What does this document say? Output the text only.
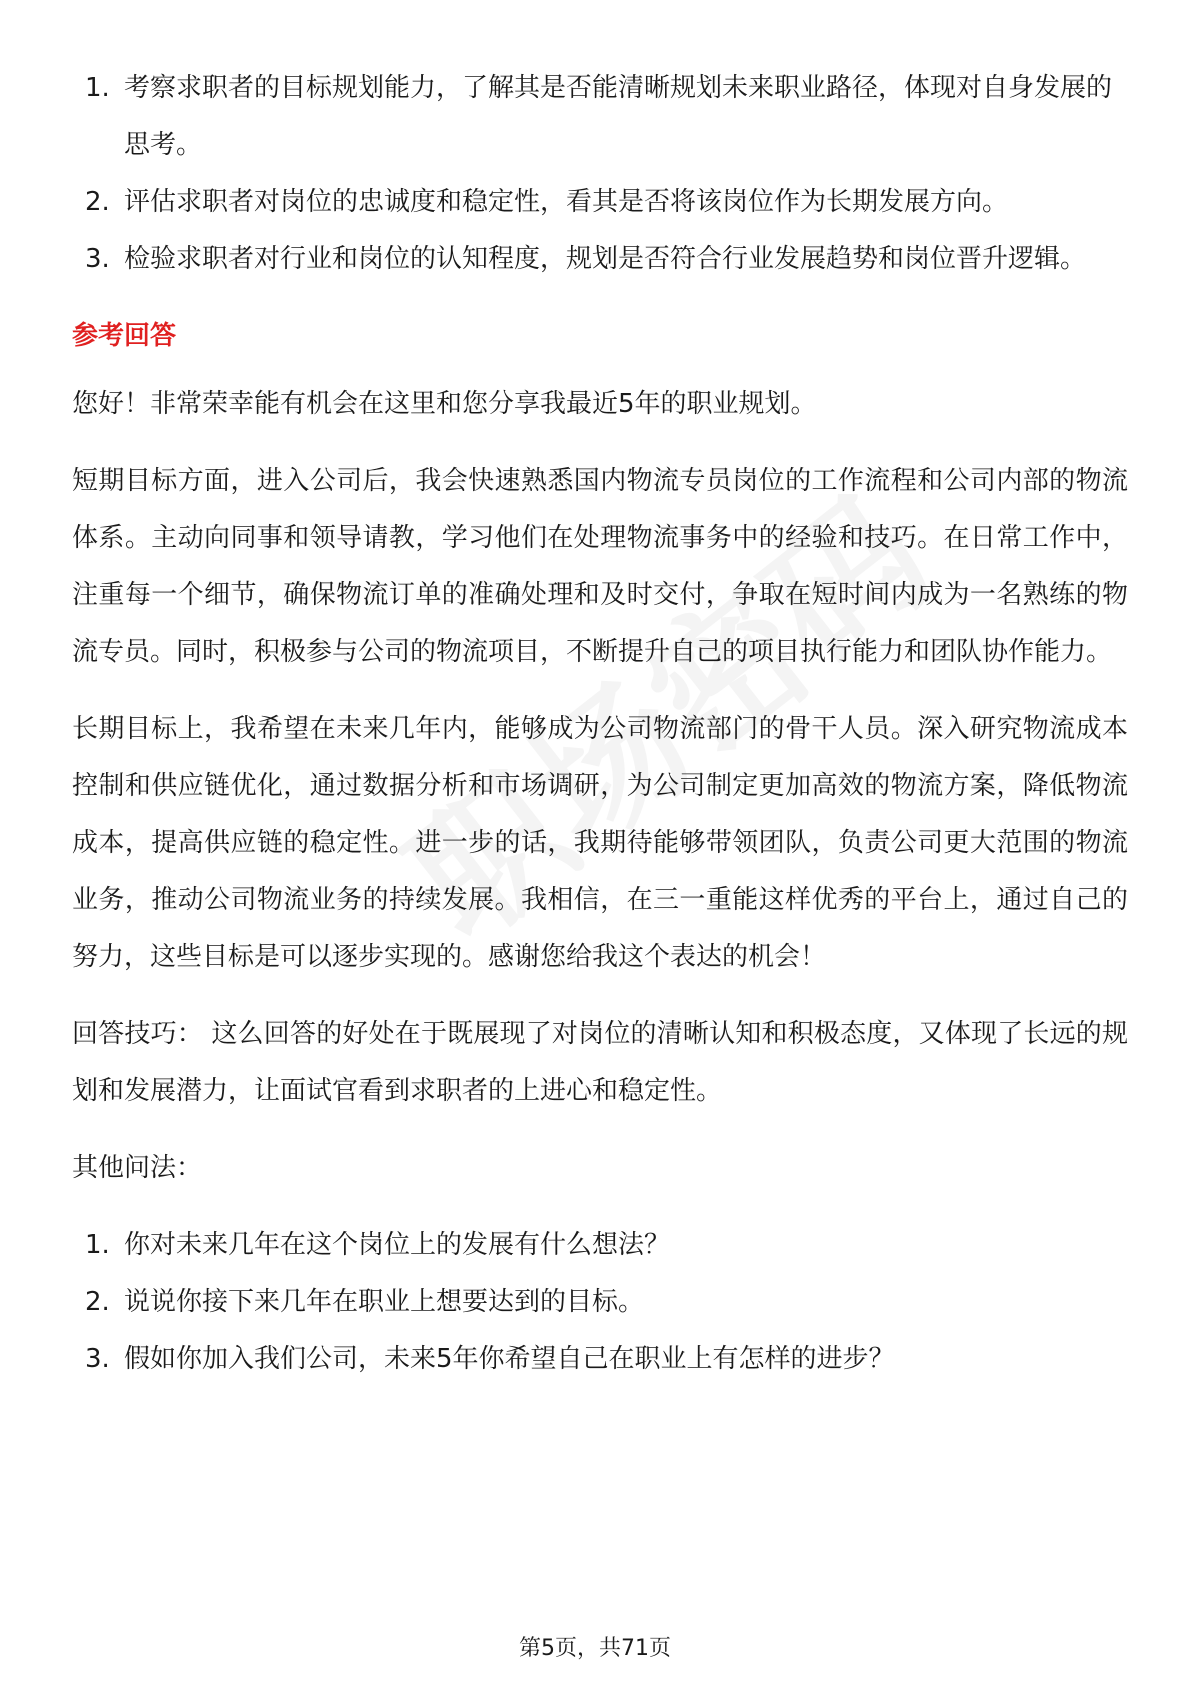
1. 考察求职者的目标规划能力，了解其是否能清晰规划未来职业路径，体现对自身发展的思考。
2. 评估求职者对岗位的忠诚度和稳定性，看其是否将该岗位作为长期发展方向。
3. 检验求职者对行业和岗位的认知程度，规划是否符合行业发展趋势和岗位晋升逻辑。
参考回答

您好！非常荣幸能有机会在这里和您分享我最近5年的职业规划。

短期目标方面，进入公司后，我会快速熟悉国内物流专员岗位的工作流程和公司内部的物流体系。主动向同事和领导请教，学习他们在处理物流事务中的经验和技巧。在日常工作中，注重每一个细节，确保物流订单的准确处理和及时交付，争取在短时间内成为一名熟练的物流专员。同时，积极参与公司的物流项目，不断提升自己的项目执行能力和团队协作能力。

长期目标上，我希望在未来几年内，能够成为公司物流部门的骨干人员。深入研究物流成本控制和供应链优化，通过数据分析和市场调研，为公司制定更加高效的物流方案，降低物流成本，提高供应链的稳定性。进一步的话，我期待能够带领团队，负责公司更大范围的物流业务，推动公司物流业务的持续发展。我相信，在三一重能这样优秀的平台上，通过自己的努力，这些目标是可以逐步实现的。感谢您给我这个表达的机会！

回答技巧： 这么回答的好处在于既展现了对岗位的清晰认知和积极态度，又体现了长远的规划和发展潜力，让面试官看到求职者的上进心和稳定性。

其他问法：

1. 你对未来几年在这个岗位上的发展有什么想法？
2. 说说你接下来几年在职业上想要达到的目标。
3. 假如你加入我们公司，未来5年你希望自己在职业上有怎样的进步？
第5页，共71页
